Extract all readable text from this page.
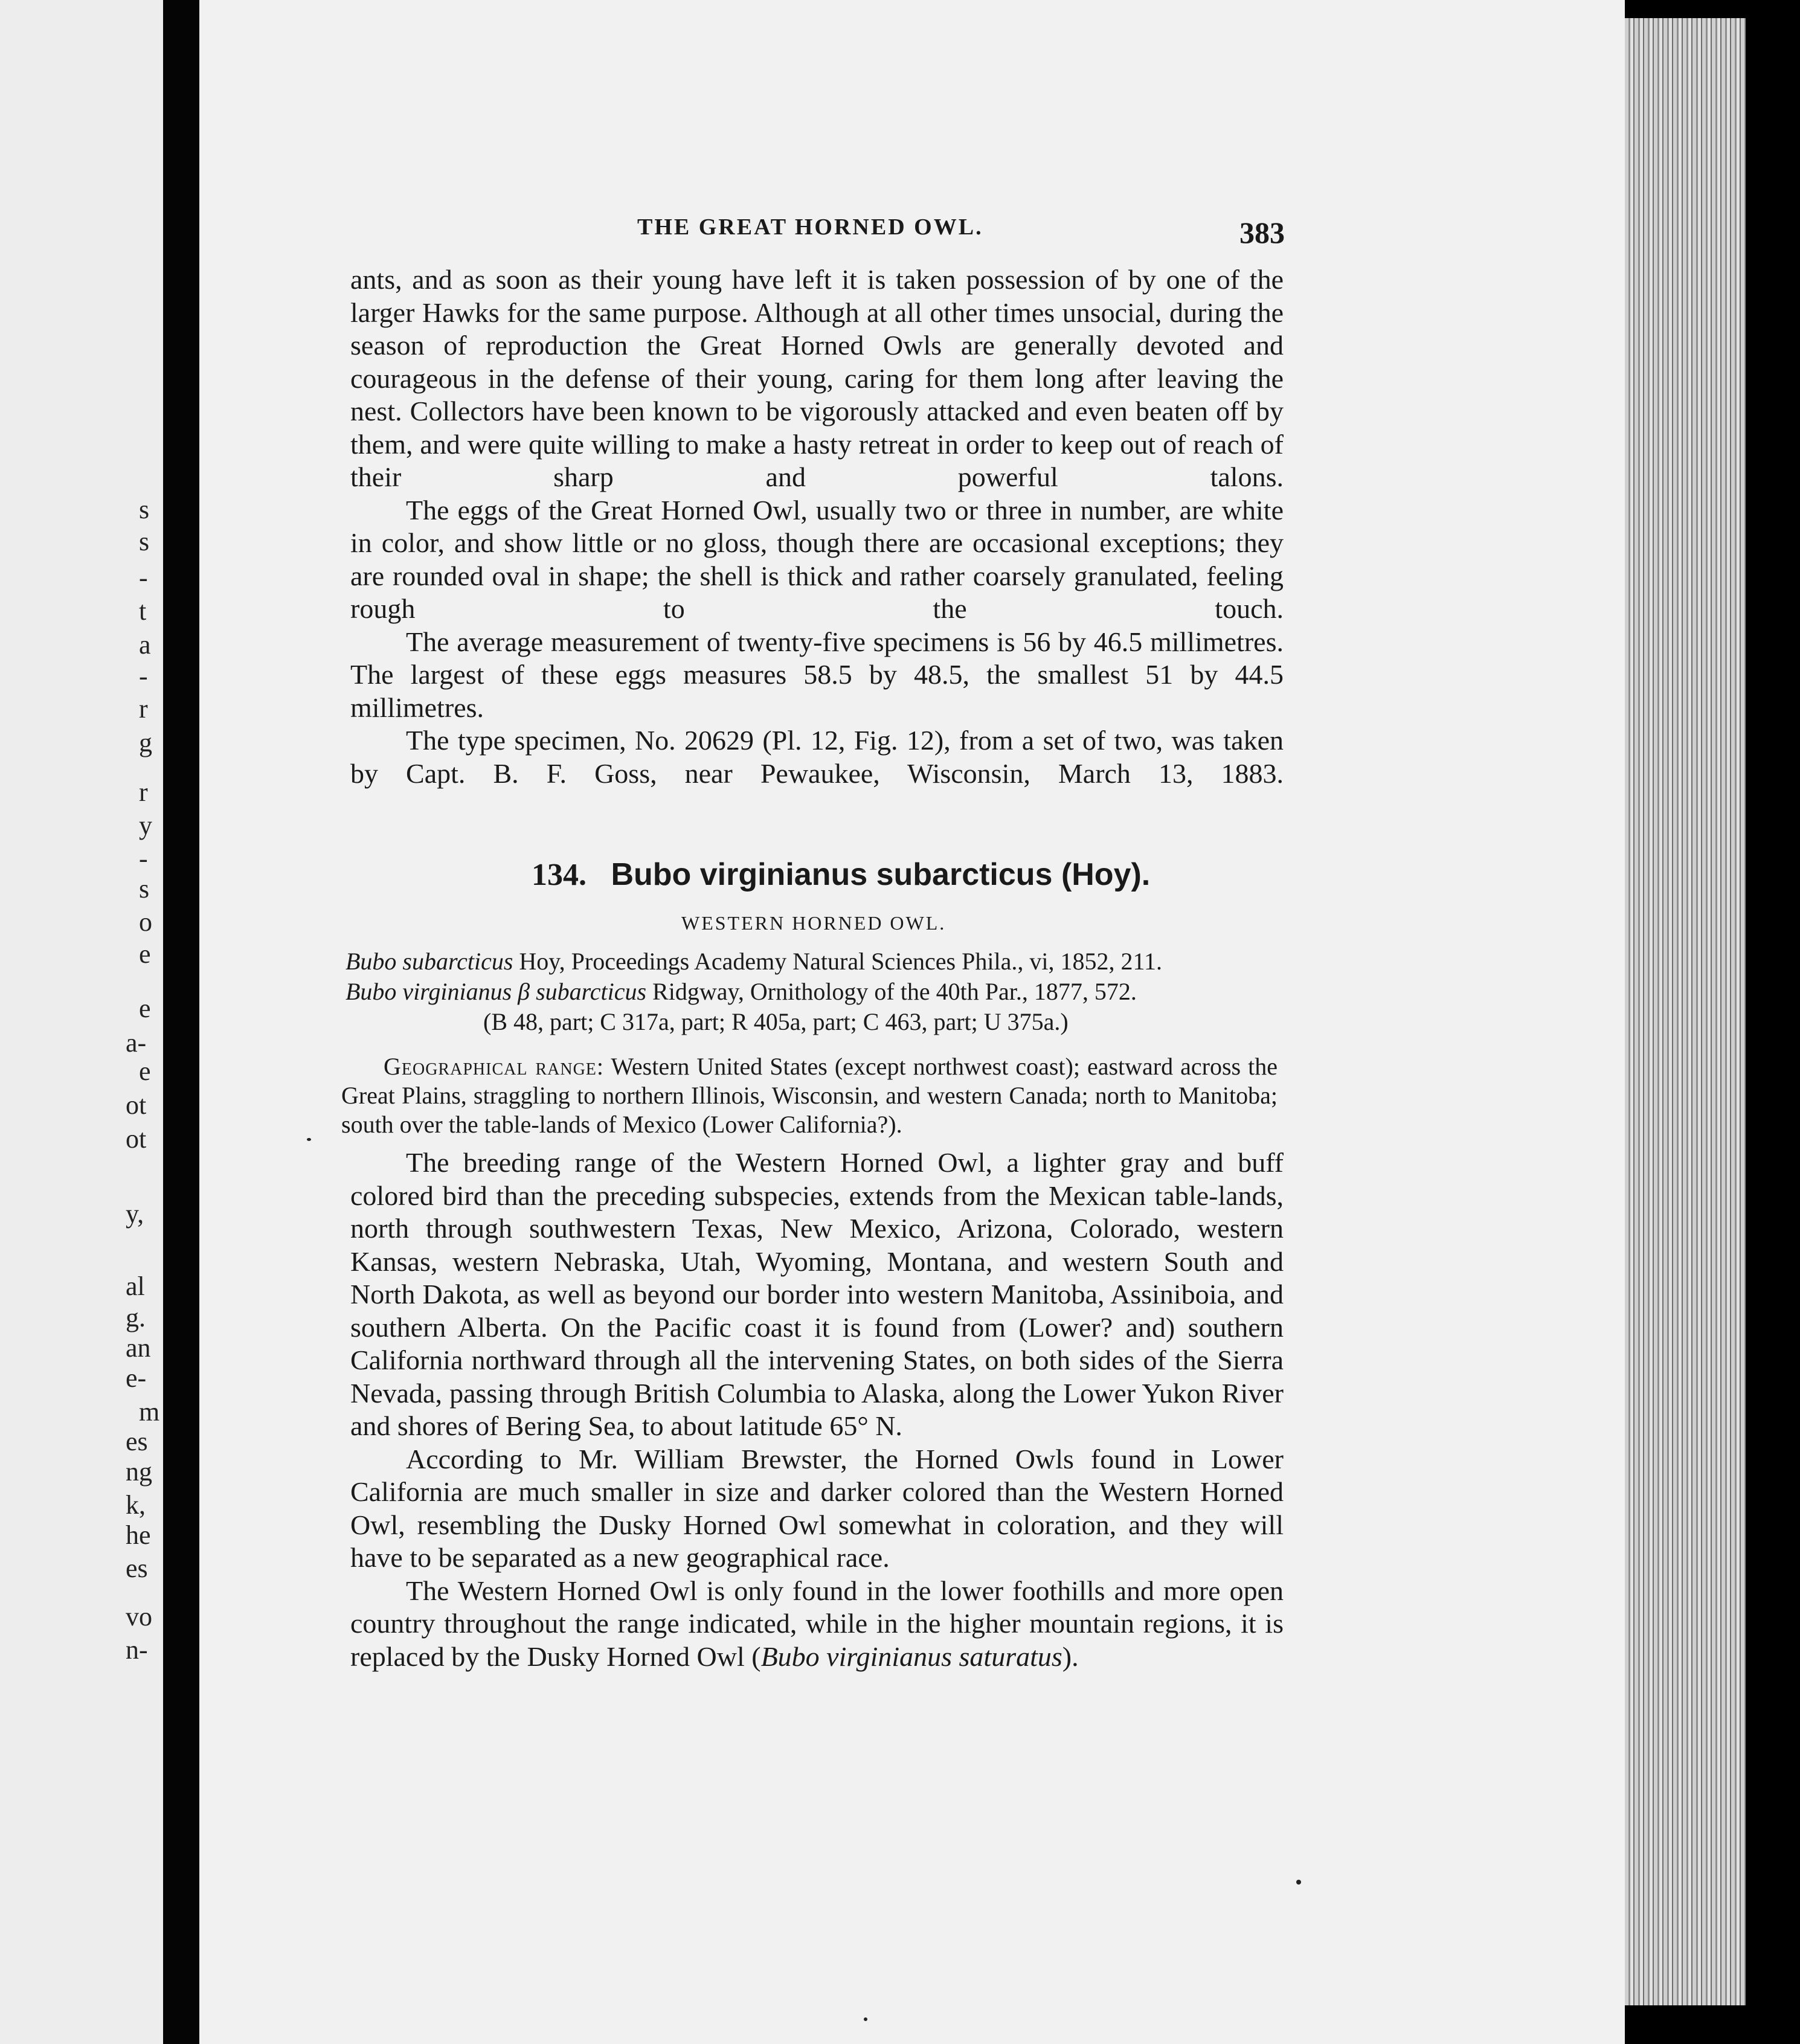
s
s
-
t
a
-
r
g
r
y
-
s
o
e
e
a-
e
ot
ot
y,
al
g.
an
e-
m
es
ng
k,
he
es
vo
n-
THE GREAT HORNED OWL.	383

ants, and as soon as their young have left it is taken possession of by one of the larger Hawks for the same purpose. Although at all other times unsocial, during the season of reproduction the Great Horned Owls are generally devoted and courageous in the defense of their young, caring for them long after leaving the nest. Collectors have been known to be vigorously attacked and even beaten off by them, and were quite willing to make a hasty retreat in order to keep out of reach of their sharp and powerful talons.

The eggs of the Great Horned Owl, usually two or three in number, are white in color, and show little or no gloss, though there are occasional exceptions; they are rounded oval in shape; the shell is thick and rather coarsely granulated, feeling rough to the touch.

The average measurement of twenty-five specimens is 56 by 46.5 millimetres. The largest of these eggs measures 58.5 by 48.5, the smallest 51 by 44.5 millimetres.

The type specimen, No. 20629 (Pl. 12, Fig. 12), from a set of two, was taken by Capt. B. F. Goss, near Pewaukee, Wisconsin, March 13, 1883.

134. Bubo virginianus subarcticus (Hoy).
WESTERN HORNED OWL.
Bubo subarcticus Hoy, Proceedings Academy Natural Sciences Phila., vi, 1852, 211.
Bubo virginianus β subarcticus Ridgway, Ornithology of the 40th Par., 1877, 572.
(B 48, part; C 317a, part; R 405a, part; C 463, part; U 375a.)
Geographical range: Western United States (except northwest coast); eastward across the Great Plains, straggling to northern Illinois, Wisconsin, and western Canada; north to Manitoba; south over the table-lands of Mexico (Lower California?).

The breeding range of the Western Horned Owl, a lighter gray and buff colored bird than the preceding subspecies, extends from the Mexican table-lands, north through southwestern Texas, New Mexico, Arizona, Colorado, western Kansas, western Nebraska, Utah, Wyoming, Montana, and western South and North Dakota, as well as beyond our border into western Manitoba, Assiniboia, and southern Alberta. On the Pacific coast it is found from (Lower? and) southern California northward through all the intervening States, on both sides of the Sierra Nevada, passing through British Columbia to Alaska, along the Lower Yukon River and shores of Bering Sea, to about latitude 65° N.

According to Mr. William Brewster, the Horned Owls found in Lower California are much smaller in size and darker colored than the Western Horned Owl, resembling the Dusky Horned Owl somewhat in coloration, and they will have to be separated as a new geographical race.

The Western Horned Owl is only found in the lower foothills and more open country throughout the range indicated, while in the higher mountain regions, it is replaced by the Dusky Horned Owl (Bubo virginianus saturatus).
